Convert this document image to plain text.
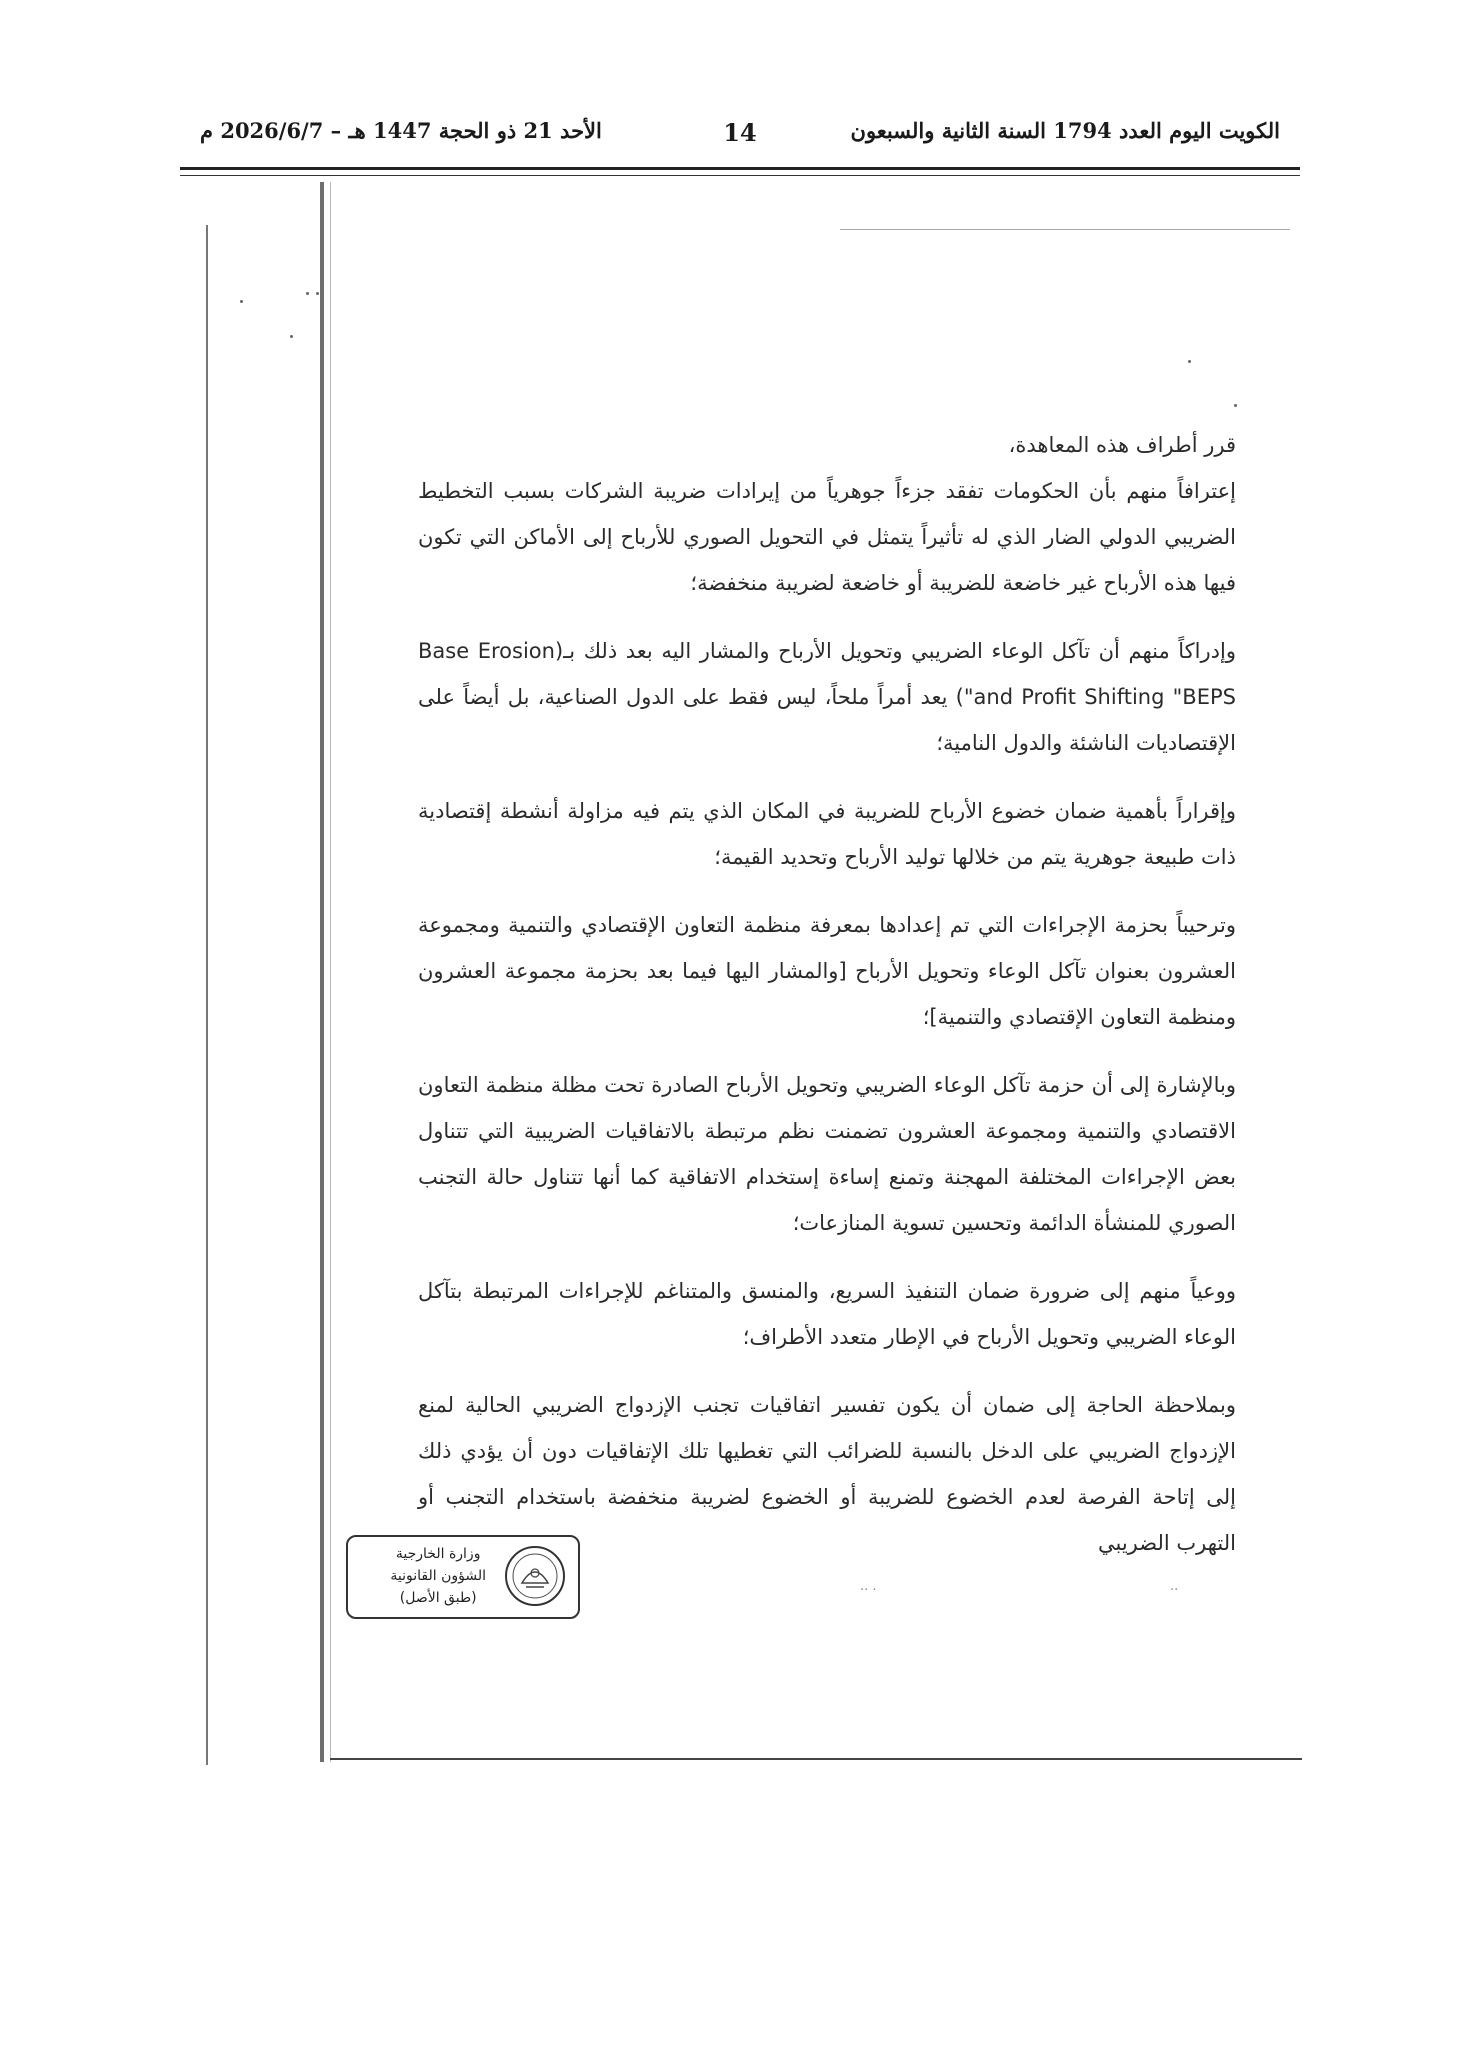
الكويت اليوم العدد 1794 السنة الثانية والسبعون
14
الأحد 21 ذو الحجة 1447 هـ – 2026/6/7 م

قرر أطراف هذه المعاهدة،

إعترافاً منهم بأن الحكومات تفقد جزءاً جوهرياً من إيرادات ضريبة الشركات بسبب التخطيط الضريبي الدولي الضار الذي له تأثيراً يتمثل في التحويل الصوري للأرباح إلى الأماكن التي تكون فيها هذه الأرباح غير خاضعة للضريبة أو خاضعة لضريبة منخفضة؛

وإدراكاً منهم أن تآكل الوعاء الضريبي وتحويل الأرباح والمشار اليه بعد ذلك بـ(Base Erosion and Profit Shifting "BEPS") يعد أمراً ملحاً، ليس فقط على الدول الصناعية، بل أيضاً على الإقتصاديات الناشئة والدول النامية؛

وإقراراً بأهمية ضمان خضوع الأرباح للضريبة في المكان الذي يتم فيه مزاولة أنشطة إقتصادية ذات طبيعة جوهرية يتم من خلالها توليد الأرباح وتحديد القيمة؛

وترحيباً بحزمة الإجراءات التي تم إعدادها بمعرفة منظمة التعاون الإقتصادي والتنمية ومجموعة العشرون بعنوان تآكل الوعاء وتحويل الأرباح [والمشار اليها فيما بعد بحزمة مجموعة العشرون ومنظمة التعاون الإقتصادي والتنمية]؛

وبالإشارة إلى أن حزمة تآكل الوعاء الضريبي وتحويل الأرباح الصادرة تحت مظلة منظمة التعاون الاقتصادي والتنمية ومجموعة العشرون تضمنت نظم مرتبطة بالاتفاقيات الضريبية التي تتناول بعض الإجراءات المختلفة المهجنة وتمنع إساءة إستخدام الاتفاقية كما أنها تتناول حالة التجنب الصوري للمنشأة الدائمة وتحسين تسوية المنازعات؛

ووعياً منهم إلى ضرورة ضمان التنفيذ السريع، والمنسق والمتناغم للإجراءات المرتبطة بتآكل الوعاء الضريبي وتحويل الأرباح في الإطار متعدد الأطراف؛

وبملاحظة الحاجة إلى ضمان أن يكون تفسير اتفاقيات تجنب الإزدواج الضريبي الحالية لمنع الإزدواج الضريبي على الدخل بالنسبة للضرائب التي تغطيها تلك الإتفاقيات دون أن يؤدي ذلك إلى إتاحة الفرصة لعدم الخضوع للضريبة أو الخضوع لضريبة منخفضة باستخدام التجنب أو التهرب الضريبي

وزارة الخارجية
الشؤون القانونية
(طبق الأصل)	·· ·	··
